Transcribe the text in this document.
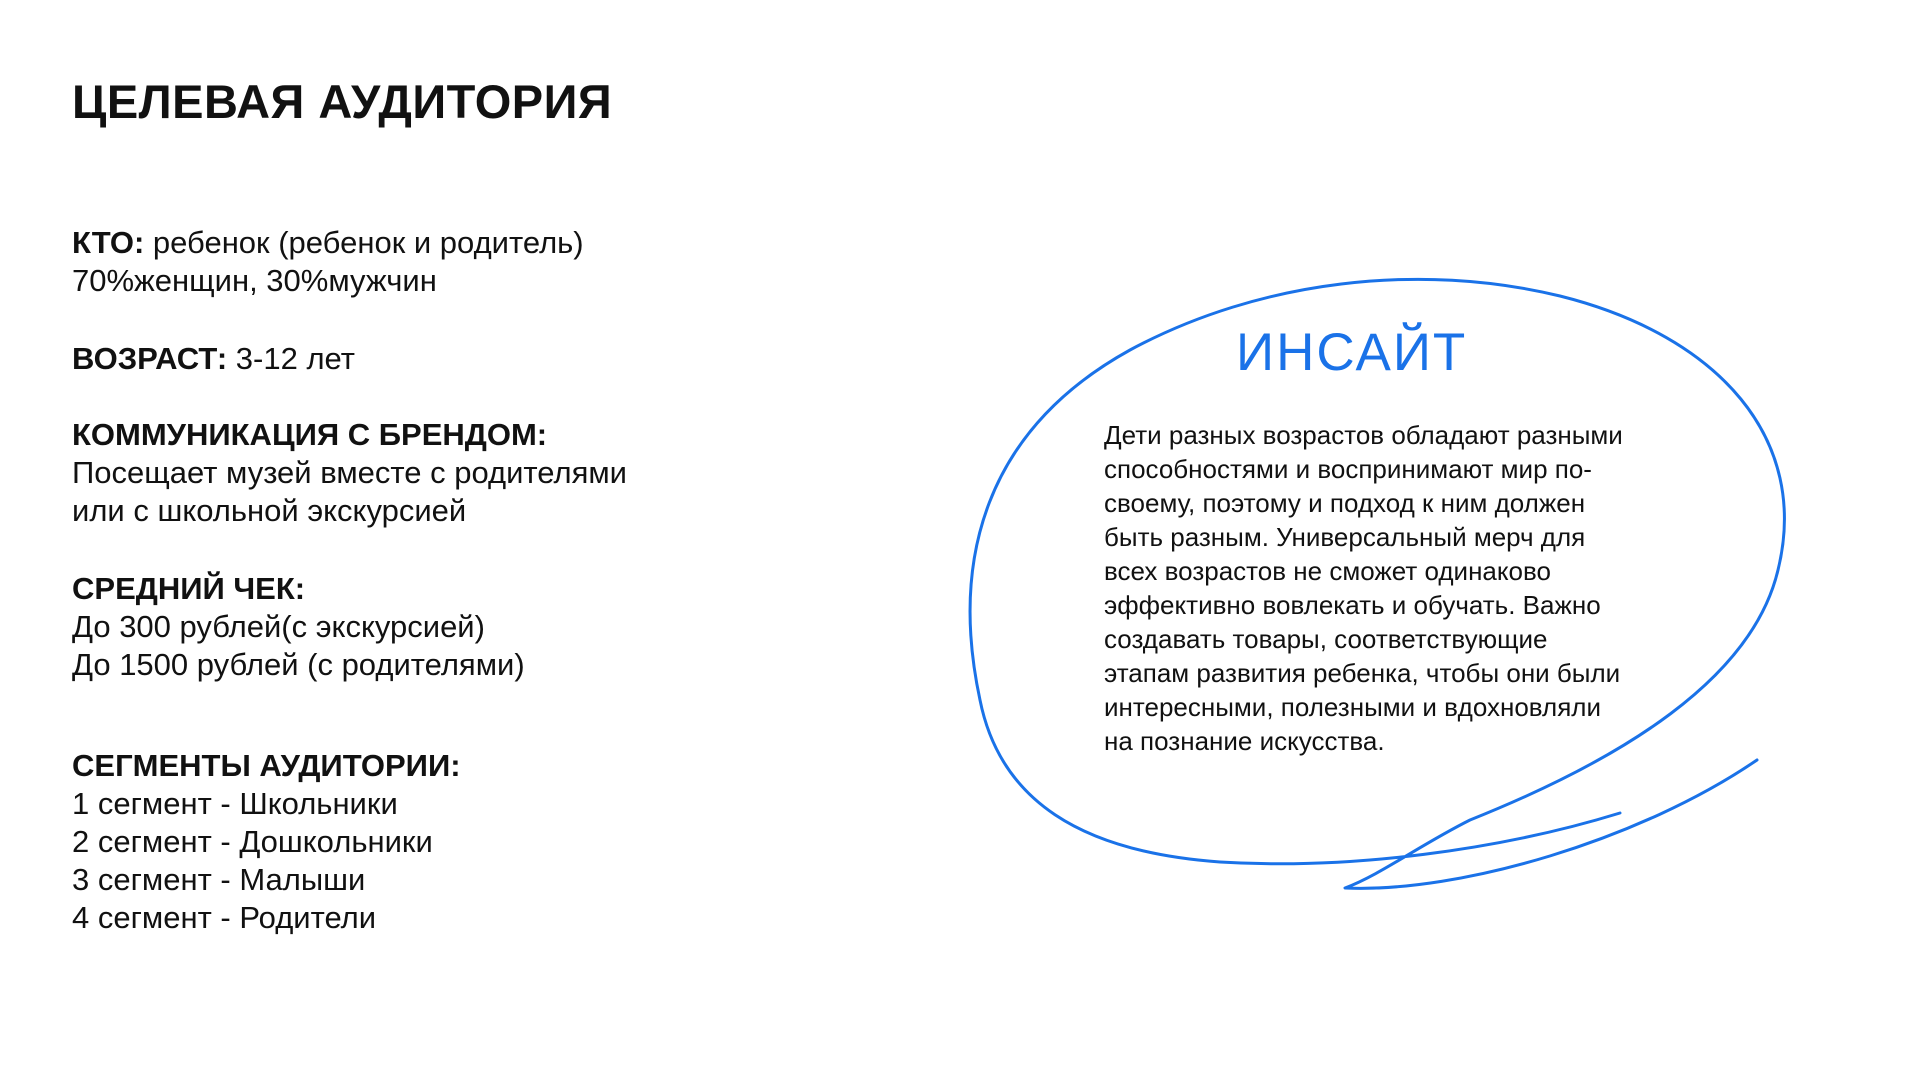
ЦЕЛЕВАЯ АУДИТОРИЯ
КТО: ребенок (ребенок и родитель)
70%женщин, 30%мужчин
ВОЗРАСТ: 3-12 лет
КОММУНИКАЦИЯ С БРЕНДОМ:
Посещает музей вместе с родителями
или с школьной экскурсией
СРЕДНИЙ ЧЕК:
До 300 рублей(с экскурсией)
До 1500 рублей (с родителями)
СЕГМЕНТЫ АУДИТОРИИ:
1 сегмент - Школьники
2 сегмент - Дошкольники
3 сегмент - Малыши
4 сегмент - Родители
ИНСАЙТ

Дети разных возрастов обладают разными
способностями и воспринимают мир по-
своему, поэтому и подход к ним должен
быть разным. Универсальный мерч для
всех возрастов не сможет одинаково
эффективно вовлекать и обучать. Важно
создавать товары, соответствующие
этапам развития ребенка, чтобы они были
интересными, полезными и вдохновляли
на познание искусства.
